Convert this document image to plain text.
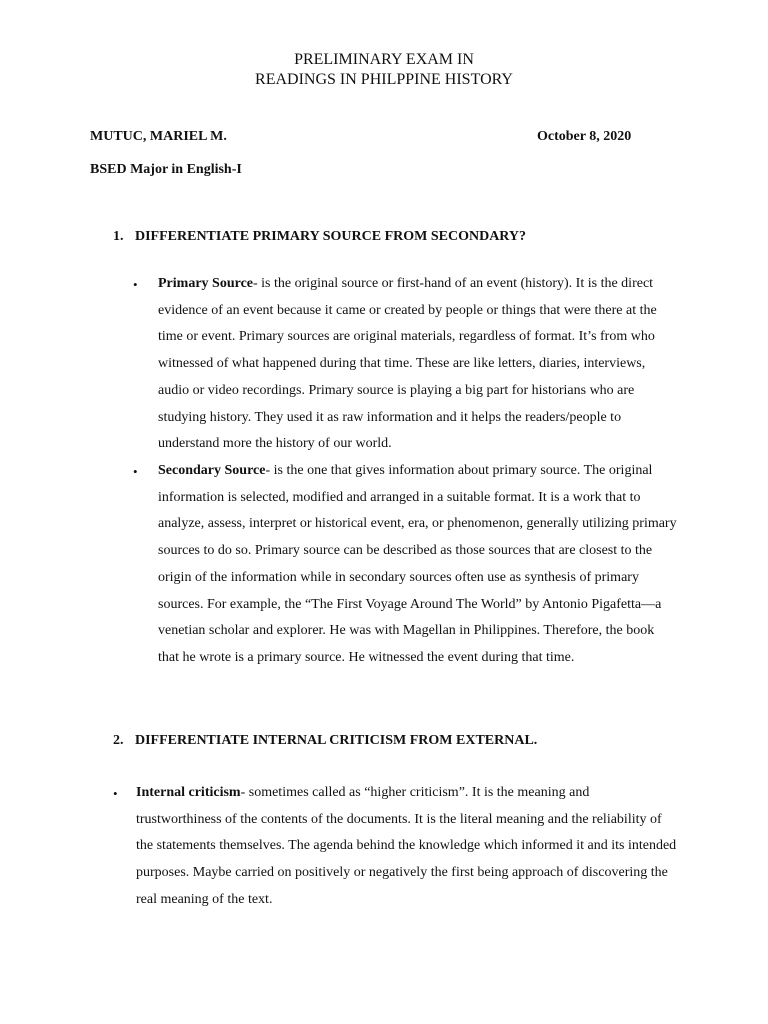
PRELIMINARY EXAM IN
READINGS IN PHILPPINE HISTORY
MUTUC, MARIEL M.	October 8, 2020
BSED Major in English-I
1. DIFFERENTIATE PRIMARY SOURCE FROM SECONDARY?
• Primary Source- is the original source or first-hand of an event (history). It is the direct evidence of an event because it came or created by people or things that were there at the time or event. Primary sources are original materials, regardless of format. It’s from who witnessed of what happened during that time. These are like letters, diaries, interviews, audio or video recordings. Primary source is playing a big part for historians who are studying history. They used it as raw information and it helps the readers/people to understand more the history of our world.
• Secondary Source- is the one that gives information about primary source. The original information is selected, modified and arranged in a suitable format. It is a work that to analyze, assess, interpret or historical event, era, or phenomenon, generally utilizing primary sources to do so. Primary source can be described as those sources that are closest to the origin of the information while in secondary sources often use as synthesis of primary sources. For example, the “The First Voyage Around The World” by Antonio Pigafetta—a venetian scholar and explorer. He was with Magellan in Philippines. Therefore, the book that he wrote is a primary source. He witnessed the event during that time.
2. DIFFERENTIATE INTERNAL CRITICISM FROM EXTERNAL.
• Internal criticism- sometimes called as “higher criticism”. It is the meaning and trustworthiness of the contents of the documents. It is the literal meaning and the reliability of the statements themselves. The agenda behind the knowledge which informed it and its intended purposes. Maybe carried on positively or negatively the first being approach of discovering the real meaning of the text.
